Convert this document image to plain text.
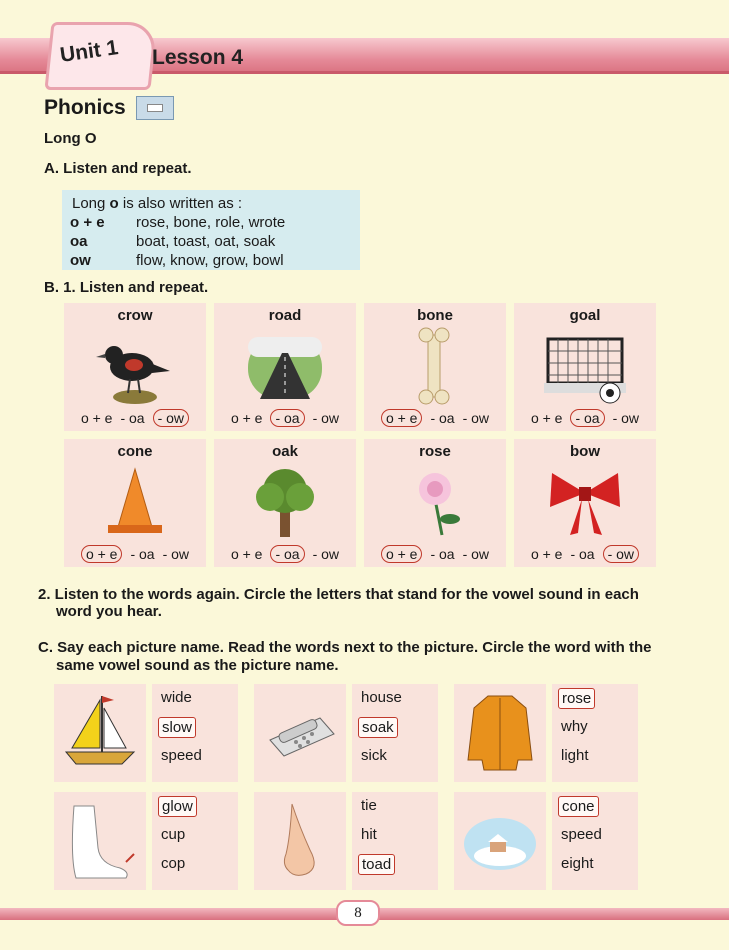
Unit 1 Lesson 4
Phonics
Long O
A. Listen and repeat.
Long o is also written as :
o + e	rose, bone, role, wrote
oa	boat, toast, oat, soak
ow	flow, know, grow, bowl
B. 1. Listen and repeat.
crow
o + e - oa - ow
road
o + e - oa - ow
bone
o + e - oa - ow
goal
o + e - oa - ow
cone
o + e - oa - ow
oak
o + e - oa - ow
rose
o + e - oa - ow
bow
o + e - oa - ow
2. Listen to the words again. Circle the letters that stand for the vowel sound in each
word you hear.
C. Say each picture name. Read the words next to the picture. Circle the word with the
same vowel sound as the picture name.
wide
slow
speed
house
soak
sick
rose
why
light
glow
cup
cop
tie
hit
toad
cone
speed
eight
8
